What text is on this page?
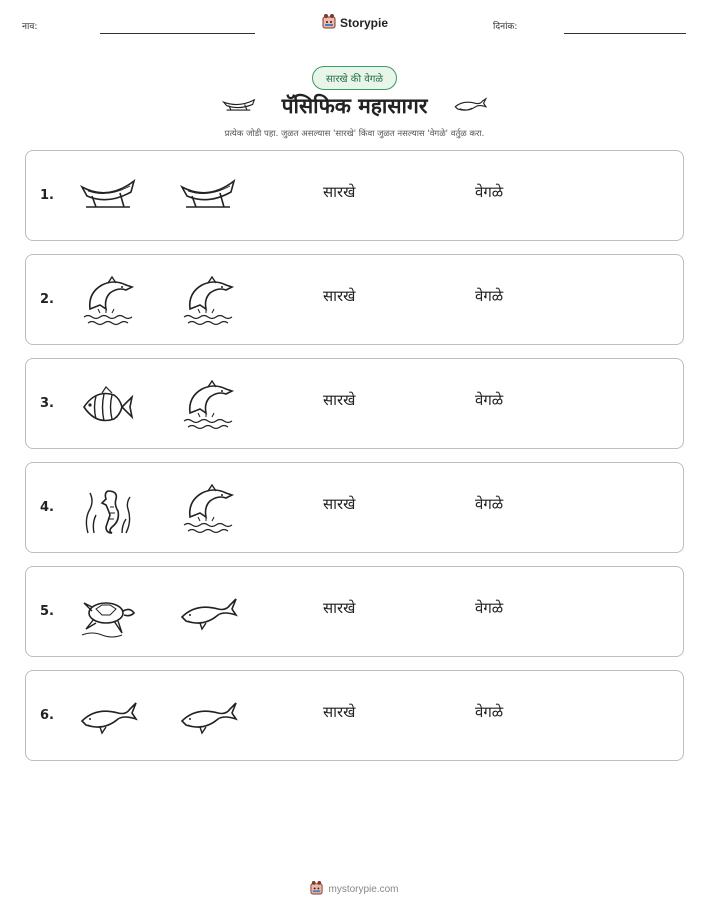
नाव:	Storypie	दिनांक:
सारखे की वेगळे
पॅसिफिक महासागर
प्रत्येक जोडी पहा. जुळत असल्यास 'सारखे' किंवा जुळत नसल्यास 'वेगळे' वर्तुळ करा.
1.	सारखे	वेगळे
2.	सारखे	वेगळे
3.	सारखे	वेगळे
4.	सारखे	वेगळे
5.	सारखे	वेगळे
6.	सारखे	वेगळे
mystorypie.com
